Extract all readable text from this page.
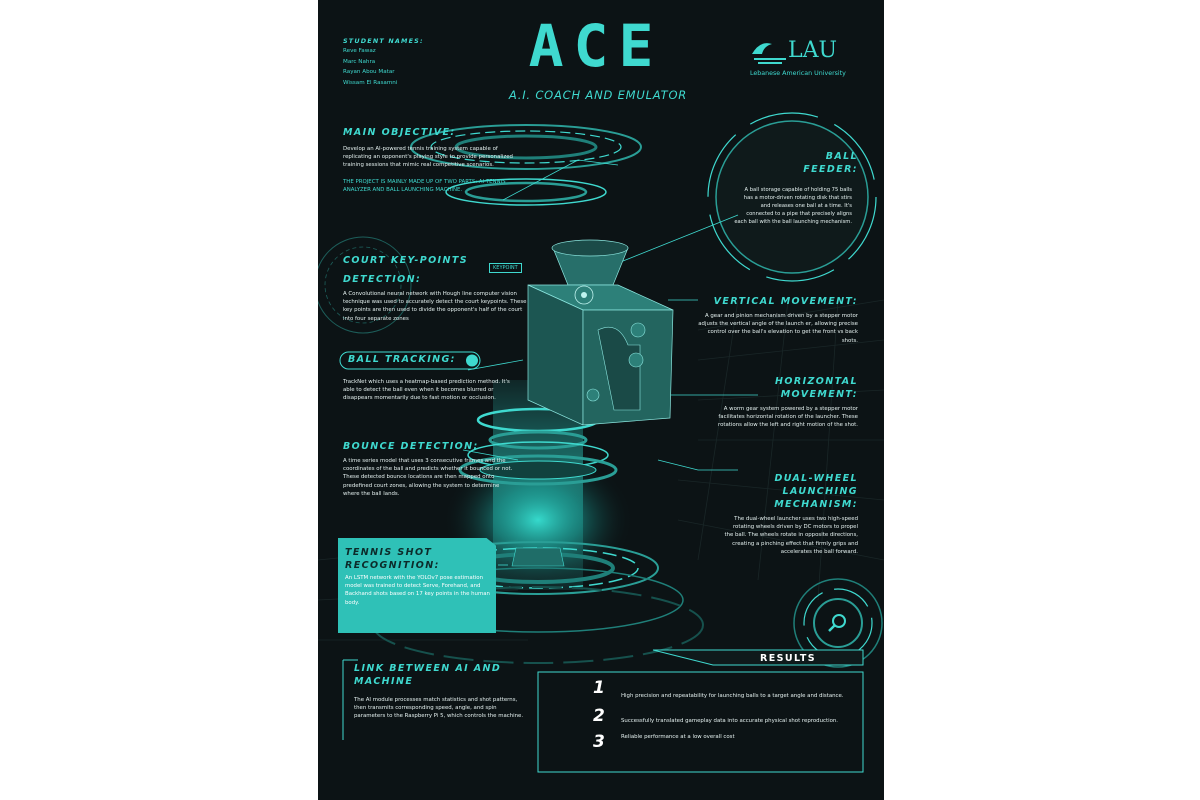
STUDENT NAMES:
Reve Fawaz
Marc Nahra
Rayan Abou Matar
Wissam El Rasamni
ACE
A.I. COACH AND EMULATOR
LAU
Lebanese American University
MAIN OBJECTIVE:
Develop an AI-powered tennis training system capable of replicating an opponent's playing style to provide personalized training sessions that mimic real competitive scenarios.
THE PROJECT IS MAINLY MADE UP OF TWO PARTS: AI TENNIS ANALYZER AND BALL LAUNCHING MACHINE.
BALL
FEEDER:
A ball storage capable of holding 75 balls has a motor-driven rotating disk that stirs and releases one ball at a time. It's connected to a pipe that precisely aligns each ball with the ball launching mechanism.
COURT KEY-POINTS
DETECTION:
A Convolutional neural network with Hough line computer vision technique was used to accurately detect the court keypoints. These key points are then used to divide the opponent's half of the court into four separate zones
KEYPOINT
BALL TRACKING:
TrackNet which uses a heatmap-based prediction method. It's able to detect the ball even when it becomes blurred or disappears momentarily due to fast motion or occlusion.
BOUNCE DETECTION:
A time series model that uses 3 consecutive frames and the coordinates of the ball and predicts whether it bounced or not. These detected bounce locations are then mapped onto predefined court zones, allowing the system to determine where the ball lands.
TENNIS SHOT
RECOGNITION:
An LSTM network with the YOLOv7 pose estimation model was trained to detect Serve, Forehand, and Backhand shots based on 17 key points in the human body.
VERTICAL MOVEMENT:
A gear and pinion mechanism driven by a stepper motor adjusts the vertical angle of the launch er, allowing precise control over the ball's elevation to get the front vs back shots.
HORIZONTAL
MOVEMENT:
A worm gear system powered by a stepper motor facilitates horizontal rotation of the launcher. These rotations allow the left and right motion of the shot.
DUAL-WHEEL
LAUNCHING
MECHANISM:
The dual-wheel launcher uses two high-speed rotating wheels driven by DC motors to propel the ball. The wheels rotate in opposite directions, creating a pinching effect that firmly grips and accelerates the ball forward.
LINK BETWEEN AI AND
MACHINE
The AI module processes match statistics and shot patterns, then transmits corresponding speed, angle, and spin parameters to the Raspberry Pi 5, which controls the machine.
RESULTS
1	High precision and repeatability for launching balls to a target angle and distance.
2	Successfully translated gameplay data into accurate physical shot reproduction.
3	Reliable performance at a low overall cost
